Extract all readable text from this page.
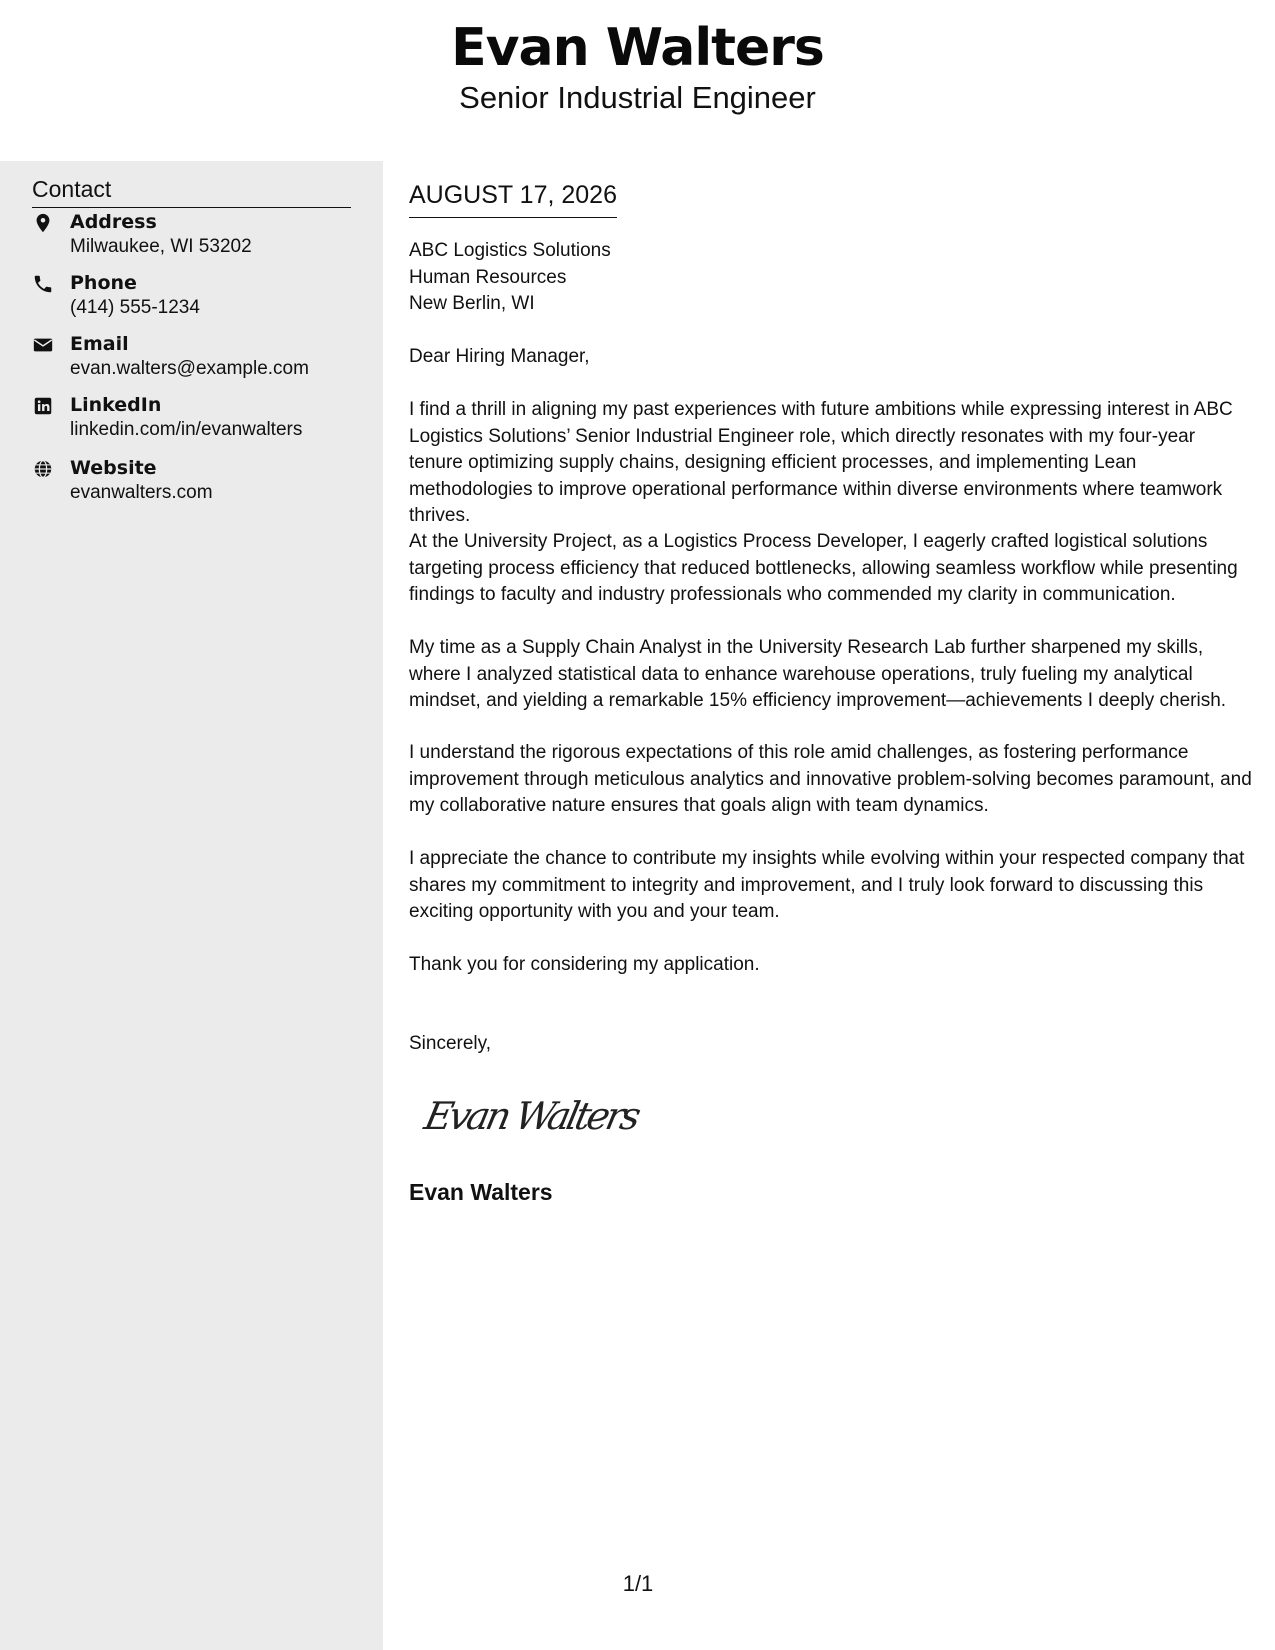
Evan Walters
Senior Industrial Engineer
Contact
Address
Milwaukee, WI 53202
Phone
(414) 555-1234
Email
evan.walters@example.com
LinkedIn
linkedin.com/in/evanwalters
Website
evanwalters.com
AUGUST 17, 2026
ABC Logistics Solutions
Human Resources
New Berlin, WI

Dear Hiring Manager,

I find a thrill in aligning my past experiences with future ambitions while expressing interest in ABC Logistics Solutions’ Senior Industrial Engineer role, which directly resonates with my four-year tenure optimizing supply chains, designing efficient processes, and implementing Lean methodologies to improve operational performance within diverse environments where teamwork thrives.

At the University Project, as a Logistics Process Developer, I eagerly crafted logistical solutions targeting process efficiency that reduced bottlenecks, allowing seamless workflow while presenting findings to faculty and industry professionals who commended my clarity in communication.

My time as a Supply Chain Analyst in the University Research Lab further sharpened my skills, where I analyzed statistical data to enhance warehouse operations, truly fueling my analytical mindset, and yielding a remarkable 15% efficiency improvement—achievements I deeply cherish.

I understand the rigorous expectations of this role amid challenges, as fostering performance improvement through meticulous analytics and innovative problem-solving becomes paramount, and my collaborative nature ensures that goals align with team dynamics.

I appreciate the chance to contribute my insights while evolving within your respected company that shares my commitment to integrity and improvement, and I truly look forward to discussing this exciting opportunity with you and your team.

Thank you for considering my application.

Sincerely,

Evan Walters
Evan Walters
1/1
